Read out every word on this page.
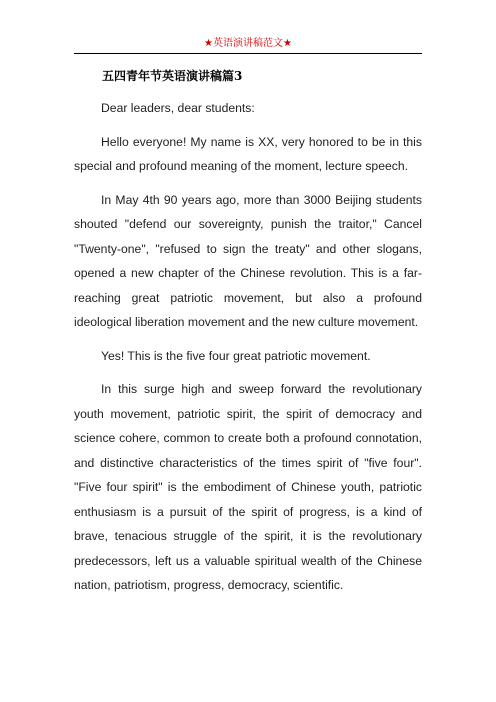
★英语演讲稿范文★
五四青年节英语演讲稿篇3

Dear leaders, dear students:

Hello everyone! My name is XX, very honored to be in this special and profound meaning of the moment, lecture speech.

In May 4th 90 years ago, more than 3000 Beijing students shouted "defend our sovereignty, punish the traitor," Cancel "Twenty-one", "refused to sign the treaty" and other slogans, opened a new chapter of the Chinese revolution. This is a far-reaching great patriotic movement, but also a profound ideological liberation movement and the new culture movement.

Yes! This is the five four great patriotic movement.

In this surge high and sweep forward the revolutionary youth movement, patriotic spirit, the spirit of democracy and science cohere, common to create both a profound connotation, and distinctive characteristics of the times spirit of "five four". "Five four spirit" is the embodiment of Chinese youth, patriotic enthusiasm is a pursuit of the spirit of progress, is a kind of brave, tenacious struggle of the spirit, it is the revolutionary predecessors, left us a valuable spiritual wealth of the Chinese nation, patriotism, progress, democracy, scientific.
